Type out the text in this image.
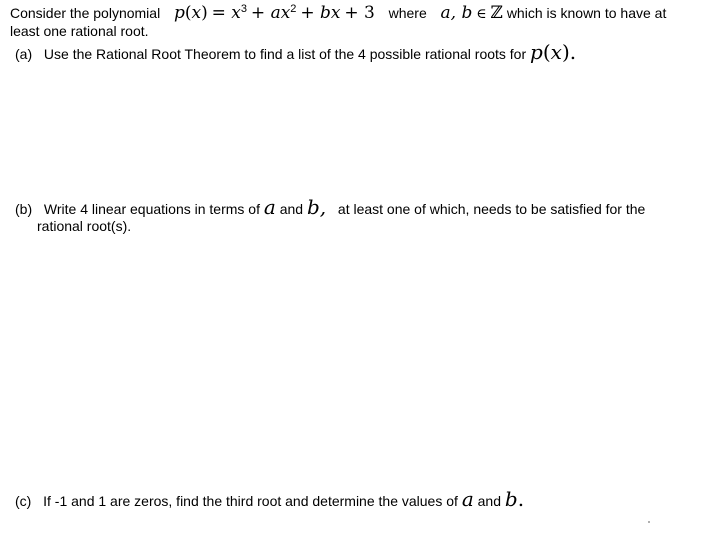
Consider the polynomial $p(x) = x^3 + ax^2$ + bx + 3 where a, b ∈ ℤ which is known to have at
least one rational root.
(a) Use the Rational Root Theorem to find a list of the 4 possible rational roots for p(x).
(b) Write 4 linear equations in terms of a and b, at least one of which, needs to be satisfied for the
rational root(s).
(c) If -1 and 1 are zeros, find the third root and determine the values of a and b.
